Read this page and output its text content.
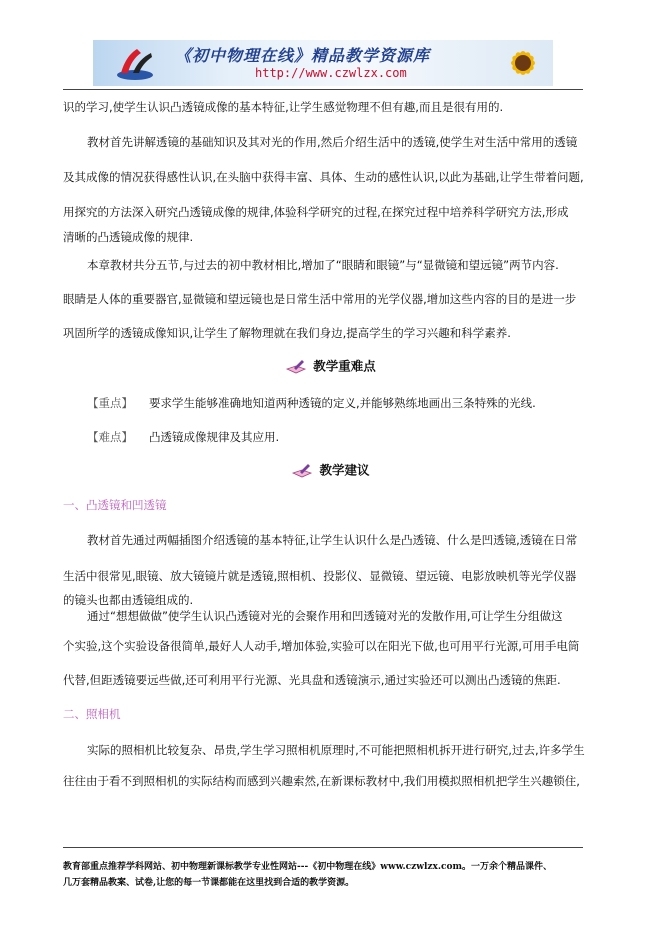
《初中物理在线》精品教学资源库
http://www.czwlzx.com
识的学习,使学生认识凸透镜成像的基本特征,让学生感觉物理不但有趣,而且是很有用的.
教材首先讲解透镜的基础知识及其对光的作用,然后介绍生活中的透镜,使学生对生活中常用的透镜
及其成像的情况获得感性认识,在头脑中获得丰富、具体、生动的感性认识,以此为基础,让学生带着问题,
用探究的方法深入研究凸透镜成像的规律,体验科学研究的过程,在探究过程中培养科学研究方法,形成
清晰的凸透镜成像的规律.
本章教材共分五节,与过去的初中教材相比,增加了“眼睛和眼镜”与“显微镜和望远镜”两节内容.
眼睛是人体的重要器官,显微镜和望远镜也是日常生活中常用的光学仪器,增加这些内容的目的是进一步
巩固所学的透镜成像知识,让学生了解物理就在我们身边,提高学生的学习兴趣和科学素养.
教学重难点
【重点】 要求学生能够准确地知道两种透镜的定义,并能够熟练地画出三条特殊的光线.
【难点】 凸透镜成像规律及其应用.
教学建议
一、凸透镜和凹透镜
教材首先通过两幅插图介绍透镜的基本特征,让学生认识什么是凸透镜、什么是凹透镜,透镜在日常
生活中很常见,眼镜、放大镜镜片就是透镜,照相机、投影仪、显微镜、望远镜、电影放映机等光学仪器
的镜头也都由透镜组成的.
通过“想想做做”使学生认识凸透镜对光的会聚作用和凹透镜对光的发散作用,可让学生分组做这
个实验,这个实验设备很简单,最好人人动手,增加体验,实验可以在阳光下做,也可用平行光源,可用手电筒
代替,但距透镜要远些做,还可利用平行光源、光具盘和透镜演示,通过实验还可以测出凸透镜的焦距.
二、照相机
实际的照相机比较复杂、昂贵,学生学习照相机原理时,不可能把照相机拆开进行研究,过去,许多学生
往往由于看不到照相机的实际结构而感到兴趣索然,在新课标教材中,我们用模拟照相机把学生兴趣锁住,
教育部重点推荐学科网站、初中物理新课标教学专业性网站---《初中物理在线》www.czwlzx.com。一万余个精品课件、
几万套精品教案、试卷,让您的每一节课都能在这里找到合适的教学资源。
